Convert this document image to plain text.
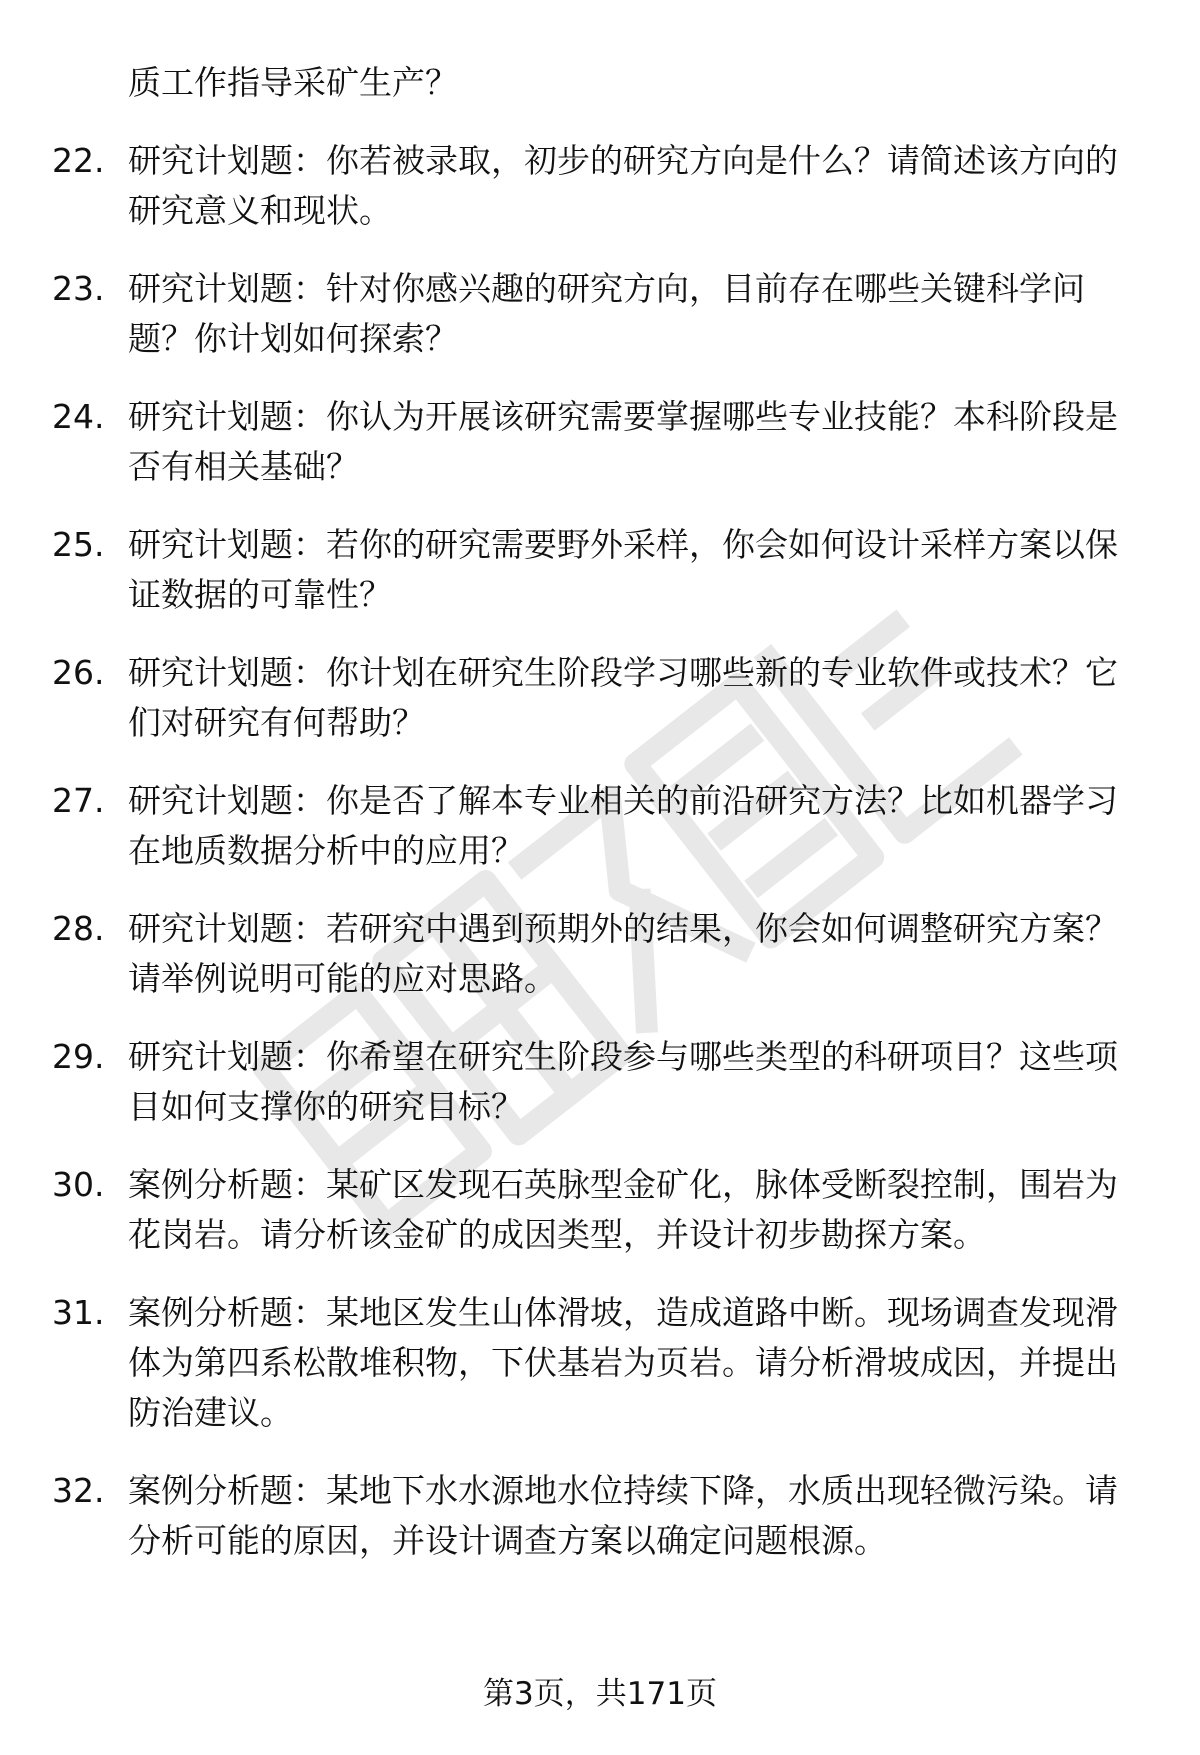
质工作指导采矿生产？
22. 研究计划题：你若被录取，初步的研究方向是什么？请简述该方向的研究意义和现状。
23. 研究计划题：针对你感兴趣的研究方向，目前存在哪些关键科学问题？你计划如何探索？
24. 研究计划题：你认为开展该研究需要掌握哪些专业技能？本科阶段是否有相关基础？
25. 研究计划题：若你的研究需要野外采样，你会如何设计采样方案以保证数据的可靠性？
26. 研究计划题：你计划在研究生阶段学习哪些新的专业软件或技术？它们对研究有何帮助？
27. 研究计划题：你是否了解本专业相关的前沿研究方法？比如机器学习在地质数据分析中的应用？
28. 研究计划题：若研究中遇到预期外的结果，你会如何调整研究方案？请举例说明可能的应对思路。
29. 研究计划题：你希望在研究生阶段参与哪些类型的科研项目？这些项目如何支撑你的研究目标？
30. 案例分析题：某矿区发现石英脉型金矿化，脉体受断裂控制，围岩为花岗岩。请分析该金矿的成因类型，并设计初步勘探方案。
31. 案例分析题：某地区发生山体滑坡，造成道路中断。现场调查发现滑体为第四系松散堆积物，下伏基岩为页岩。请分析滑坡成因，并提出防治建议。
32. 案例分析题：某地下水水源地水位持续下降，水质出现轻微污染。请分析可能的原因，并设计调查方案以确定问题根源。
第3页，共171页
